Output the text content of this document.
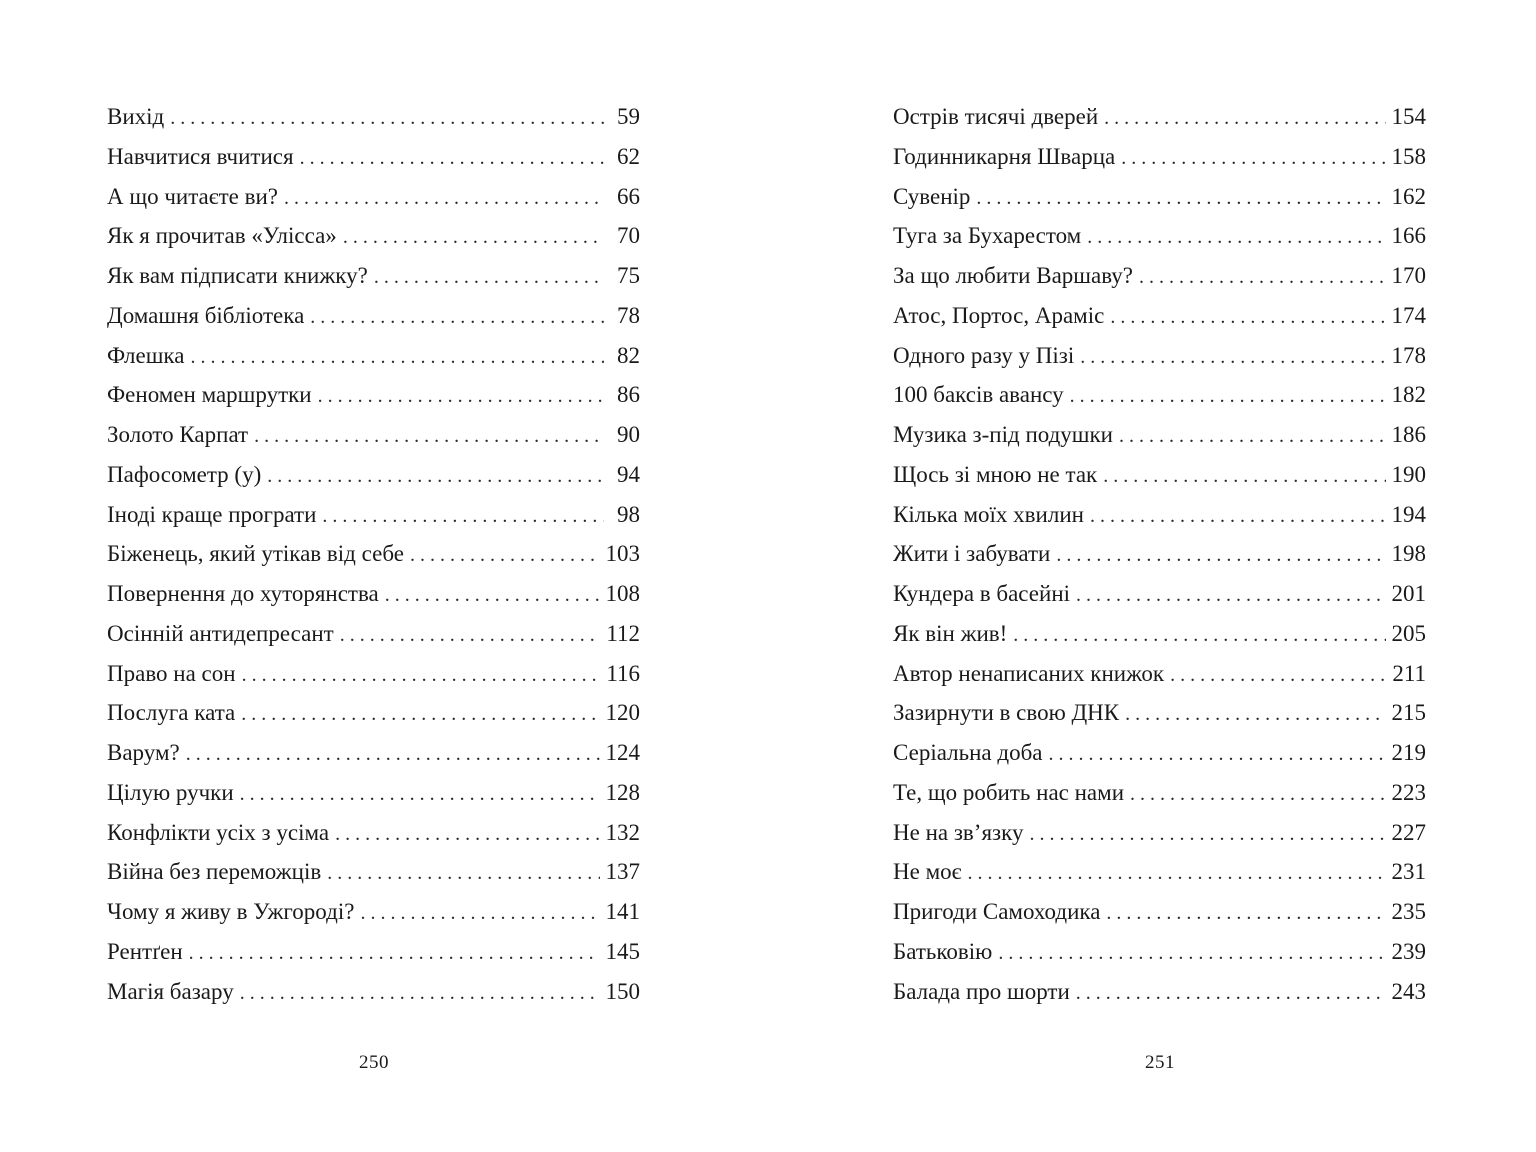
Вихід . . .	59
Навчитися вчитися . . .	62
А що читаєте ви? . . .	66
Як я прочитав «Улісса» . . .	70
Як вам підписати книжку? . . .	75
Домашня бібліотека . . .	78
Флешка . . .	82
Феномен маршрутки . . .	86
Золото Карпат . . .	90
Пафосометр (у) . . .	94
Іноді краще програти . . .	98
Біженець, який утікав від себе . . .	103
Повернення до хуторянства . . .	108
Осінній антидепресант . . .	112
Право на сон . . .	116
Послуга ката . . .	120
Варум? . . .	124
Цілую ручки . . .	128
Конфлікти усіх з усіма . . .	132
Війна без переможців . . .	137
Чому я живу в Ужгороді? . . .	141
Рентґен . . .	145
Магія базару . . .	150
250
Острів тисячі дверей . . .	154
Годинникарня Шварца . . .	158
Сувенір . . .	162
Туга за Бухарестом . . .	166
За що любити Варшаву? . . .	170
Атос, Портос, Араміс . . .	174
Одного разу у Пізі . . .	178
100 баксів авансу . . .	182
Музика з-під подушки . . .	186
Щось зі мною не так . . .	190
Кілька моїх хвилин . . .	194
Жити і забувати . . .	198
Кундера в басейні . . .	201
Як він жив! . . .	205
Автор ненаписаних книжок . . .	211
Зазирнути в свою ДНК . . .	215
Серіальна доба . . .	219
Те, що робить нас нами . . .	223
Не на зв’язку . . .	227
Не моє . . .	231
Пригоди Самоходика . . .	235
Батьковію . . .	239
Балада про шорти . . .	243
251
